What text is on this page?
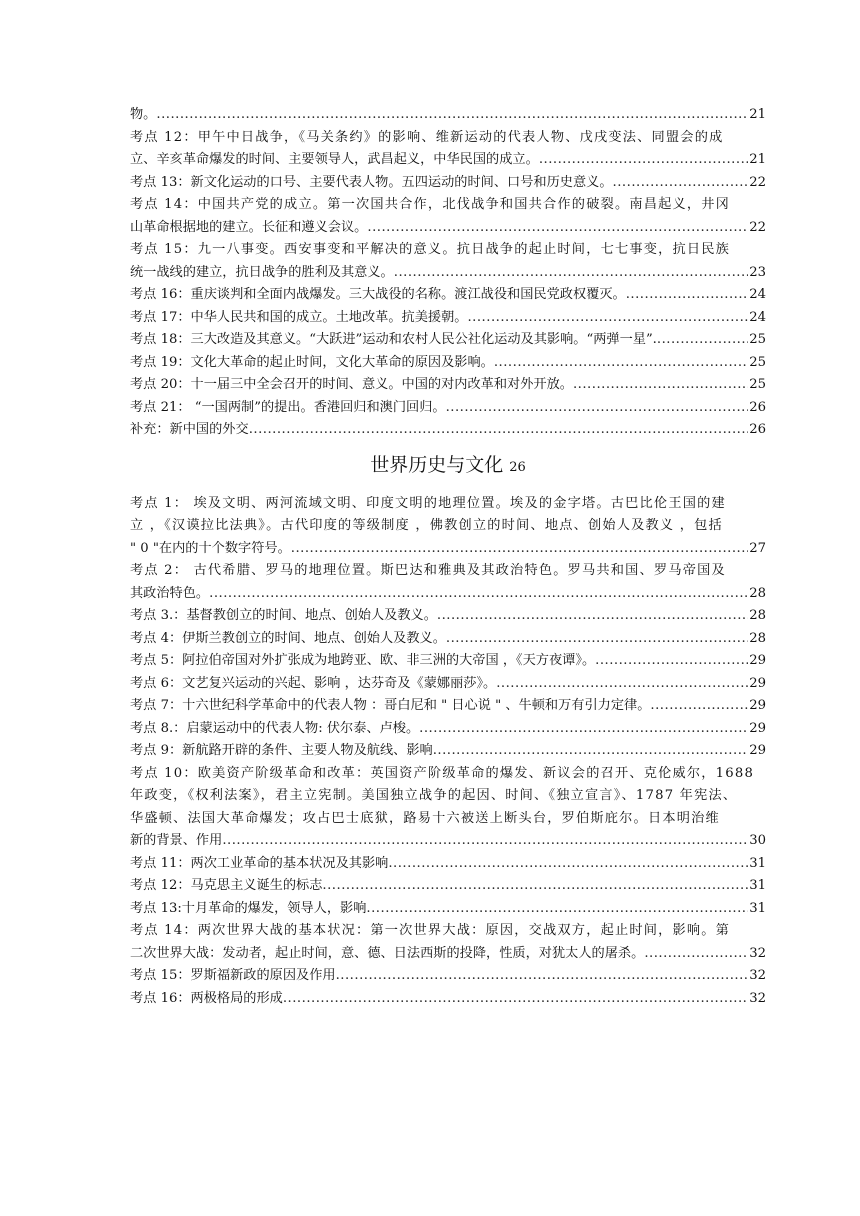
物。 .....	21
考点 12：甲午中日战争，《马关条约》的影响、维新运动的代表人物、戊戌变法、同盟会的成
立、辛亥革命爆发的时间、主要领导人，武昌起义，中华民国的成立。 .....	21
考点 13：新文化运动的口号、主要代表人物。五四运动的时间、口号和历史意义。 .....	22
考点 14：中国共产党的成立。第一次国共合作，北伐战争和国共合作的破裂。南昌起义，井冈
山革命根据地的建立。长征和遵义会议。 .....	22
考点 15：九一八事变。西安事变和平解决的意义。抗日战争的起止时间，七七事变，抗日民族
统一战线的建立，抗日战争的胜利及其意义。 .....	23
考点 16：重庆谈判和全面内战爆发。三大战役的名称。渡江战役和国民党政权覆灭。 .....	24
考点 17：中华人民共和国的成立。土地改革。抗美援朝。 .....	24
考点 18：三大改造及其意义。“大跃进”运动和农村人民公社化运动及其影响。“两弹一星”. .....	25
考点 19：文化大革命的起止时间，文化大革命的原因及影响。 .....	25
考点 20：十一届三中全会召开的时间、意义。中国的对内改革和对外开放。 .....	25
考点 21： “一国两制”的提出。香港回归和澳门回归。 .....	26
补充：新中国的外交 .....	26
世界历史与文化 26
考点 1： 埃及文明、两河流域文明、印度文明的地理位置。埃及的金字塔。古巴比伦王国的建
立 ，《汉谟拉比法典》。古代印度的等级制度 ，佛教创立的时间、地点、创始人及教义 ，包括
" 0 "在内的十个数字符号。 .....	27
考点 2： 古代希腊、罗马的地理位置。斯巴达和雅典及其政治特色。罗马共和国、罗马帝国及
其政治特色。 .....	28
考点 3.：基督教创立的时间、地点、创始人及教义。 .....	28
考点 4：伊斯兰教创立的时间、地点、创始人及教义。 .....	28
考点 5：阿拉伯帝国对外扩张成为地跨亚、欧、非三洲的大帝国 ，《天方夜谭》。 .....	29
考点 6：文艺复兴运动的兴起、影响 ，达芬奇及《蒙娜丽莎》。 .....	29
考点 7：十六世纪科学革命中的代表人物 ：哥白尼和 " 日心说 " 、牛顿和万有引力定律。 .....	29
考点 8.：启蒙运动中的代表人物: 伏尔泰、卢梭。 .....	29
考点 9：新航路开辟的条件、主要人物及航线、影响 .....	29
考点 10：欧美资产阶级革命和改革：英国资产阶级革命的爆发、新议会的召开、克伦威尔，1688
年政变，《权利法案》，君主立宪制。美国独立战争的起因、时间、《独立宣言》、1787 年宪法、
华盛顿、法国大革命爆发；攻占巴士底狱，路易十六被送上断头台，罗伯斯庇尔。日本明治维
新的背景、作用 .....	30
考点 11：两次工业革命的基本状况及其影响 .....	31
考点 12：马克思主义诞生的标志 .....	31
考点 13:十月革命的爆发，领导人，影响 .....	31
考点 14：两次世界大战的基本状况：第一次世界大战：原因，交战双方，起止时间，影响。第
二次世界大战：发动者，起止时间，意、德、日法西斯的投降，性质，对犹太人的屠杀。 .....	32
考点 15：罗斯福新政的原因及作用 .....	32
考点 16：两极格局的形成 .....	32
